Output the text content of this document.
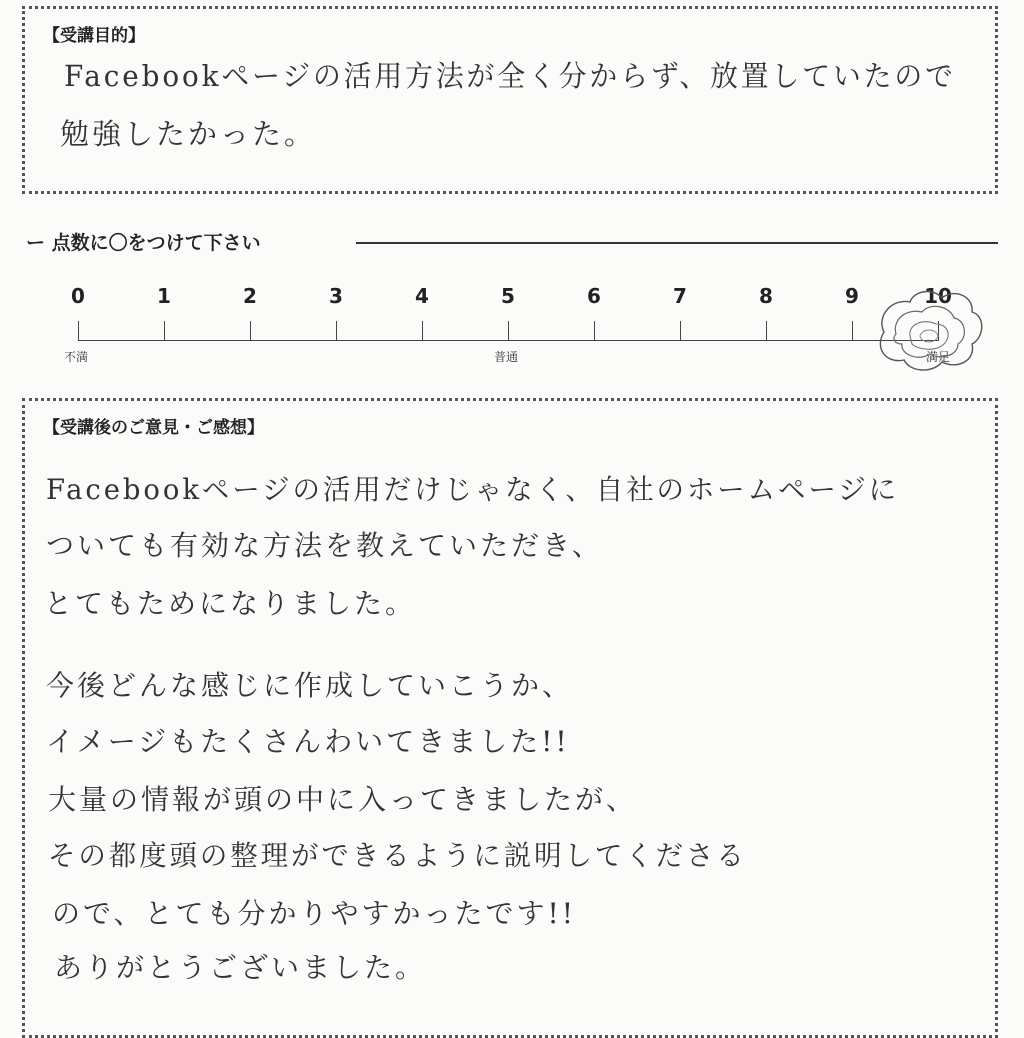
【受講目的】

Facebookページの活用方法が全く分からず、放置していたので

勉強したかった。

ー 点数に〇をつけて下さい
0	1	2	3	4	5	6	7	8	9	10
不満	普通	満足
【受講後のご意見・ご感想】

Facebookページの活用だけじゃなく、自社のホームページに

ついても有効な方法を教えていただき、

とてもためになりました。

今後どんな感じに作成していこうか、

イメージもたくさんわいてきました!!

大量の情報が頭の中に入ってきましたが、

その都度頭の整理ができるように説明してくださる

ので、とても分かりやすかったです!!

ありがとうございました。
